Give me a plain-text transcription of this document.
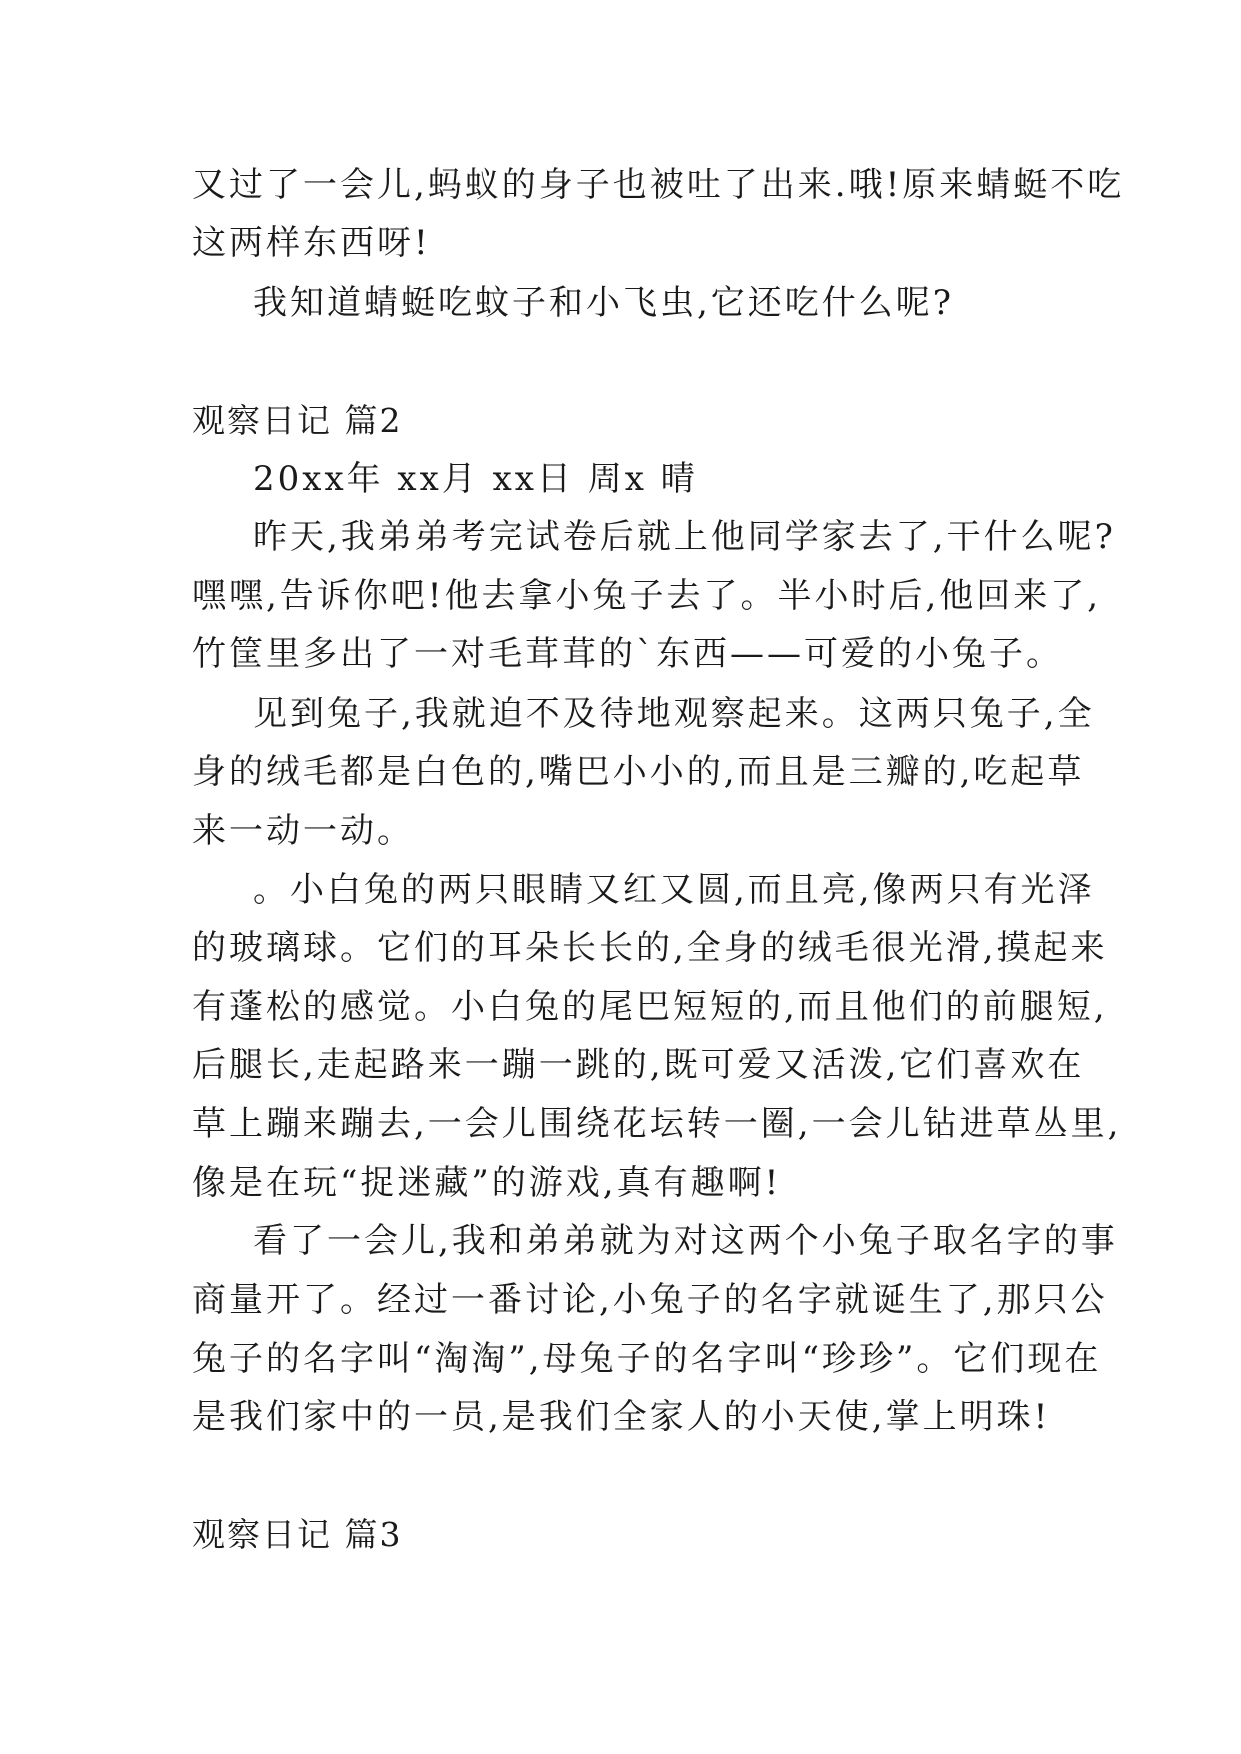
又过了一会儿,蚂蚁的身子也被吐了出来.哦!原来蜻蜓不吃
这两样东西呀!
我知道蜻蜓吃蚊子和小飞虫,它还吃什么呢?
观察日记 篇2
20xx年 xx月 xx日 周x 晴
昨天,我弟弟考完试卷后就上他同学家去了,干什么呢?
嘿嘿,告诉你吧!他去拿小兔子去了。半小时后,他回来了,
竹筐里多出了一对毛茸茸的`东西——可爱的小兔子。
见到兔子,我就迫不及待地观察起来。这两只兔子,全
身的绒毛都是白色的,嘴巴小小的,而且是三瓣的,吃起草
来一动一动。
。小白兔的两只眼睛又红又圆,而且亮,像两只有光泽
的玻璃球。它们的耳朵长长的,全身的绒毛很光滑,摸起来
有蓬松的感觉。小白兔的尾巴短短的,而且他们的前腿短,
后腿长,走起路来一蹦一跳的,既可爱又活泼,它们喜欢在
草上蹦来蹦去,一会儿围绕花坛转一圈,一会儿钻进草丛里,
像是在玩“捉迷藏”的游戏,真有趣啊!
看了一会儿,我和弟弟就为对这两个小兔子取名字的事
商量开了。经过一番讨论,小兔子的名字就诞生了,那只公
兔子的名字叫“淘淘”,母兔子的名字叫“珍珍”。它们现在
是我们家中的一员,是我们全家人的小天使,掌上明珠!
观察日记 篇3
